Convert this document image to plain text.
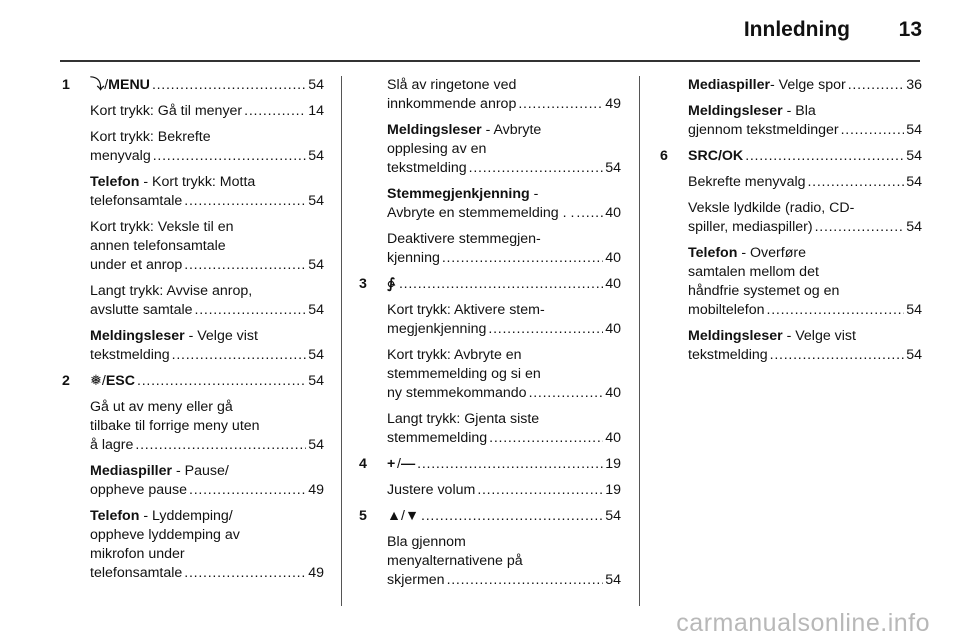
Innledning 13
1 ⤵ / MENU . . .	54

Kort trykk: Gå til menyer . . .	14

Kort trykk: Bekrefte

menyvalg . . .	54

Telefon - Kort trykk: Motta

telefonsamtale . . .	54

Kort trykk: Vekslе til en

annen telefonsamtale

under et anrop . . .	54

Langt trykk: Avvise anrop,

avslutte samtale . . .	54

Meldingsleser - Velge vist

tekstmelding . . .	54

2 ❅ / ESC . . .	54

Gå ut av meny eller gå

tilbake til forrige meny uten

å lagre . . .	54

Mediaspiller - Pause/

oppheve pause . . .	49

Telefon - Lyddemping/

oppheve lyddemping av

mikrofon under

telefonsamtale . . .	49

Slå av ringetone ved

innkommende anrop . . .	49

Meldingsleser - Avbryte

opplesing av en

tekstmelding . . .	54

Stemmegjenkjenning -

Avbryte en stemmemelding . . . . . 40

Deaktivere stemmegjen-

kjenning . . .	40

3 ∳ . . .	40

Kort trykk: Aktivere stem-

megjenkjenning . . .	40

Kort trykk: Avbryte en

stemmemelding og si en

ny stemmekommando . . .	40

Langt trykk: Gjenta siste

stemmemelding . . .	40

4 + / — . . .	19

Justere volum . . .	19

5 ▲ / ▼ . . .	54

Bla gjennom

menyalternativene på

skjermen . . .	54

Mediaspiller - Velge spor . . .	36

Meldingsleser - Bla

gjennom tekstmeldinger . . .	54

6 SRC/OK . . .	54

Bekrefte menyvalg . . .	54

Veksle lydkilde (radio, CD-

spiller, mediaspiller) . . .	54

Telefon - Overføre

samtalen mellom det

håndfrie systemet og en

mobiltelefon . . .	54

Meldingsleser - Velge vist

tekstmelding . . .	54

carmanualsonline.info
